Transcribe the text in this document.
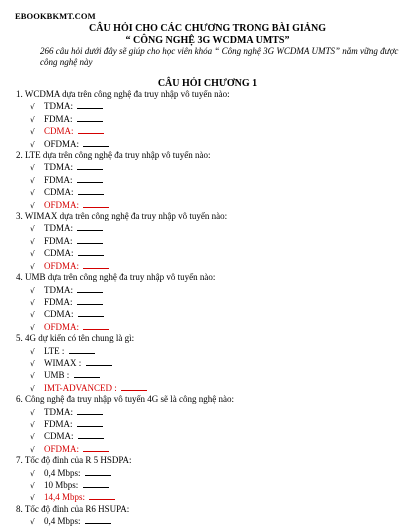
EBOOKBKMT.COM
CÂU HỎI CHO CÁC CHƯƠNG TRONG BÀI GIẢNG
“ CÔNG NGHỆ 3G WCDMA UMTS”
266 câu hỏi dưới đây sẽ giúp cho học viên khóa “ Công nghệ 3G WCDMA UMTS” nắm vững được công nghệ này
CÂU HỎI CHƯƠNG 1
1. WCDMA dựa trên công nghệ đa truy nhập vô tuyến nào:
√ TDMA:
√ FDMA:
√ CDMA:
√ OFDMA:
2. LTE dựa trên công nghệ đa truy nhập vô tuyến nào:
√ TDMA:
√ FDMA:
√ CDMA:
√ OFDMA:
3. WIMAX dựa trên công nghệ đa truy nhập vô tuyến nào:
√ TDMA:
√ FDMA:
√ CDMA:
√ OFDMA:
4. UMB dựa trên công nghệ đa truy nhập vô tuyến nào:
√ TDMA:
√ FDMA:
√ CDMA:
√ OFDMA:
5. 4G dự kiến có tên chung là gì:
√ LTE :
√ WIMAX :
√ UMB :
√ IMT-ADVANCED :
6. Công nghệ đa truy nhập vô tuyến 4G sẽ là công nghệ nào:
√ TDMA:
√ FDMA:
√ CDMA:
√ OFDMA:
7. Tốc độ đỉnh của R 5 HSDPA:
√ 0,4 Mbps:
√ 10 Mbps:
√ 14,4 Mbps:
8. Tốc độ đỉnh của R6 HSUPA:
√ 0,4 Mbps:
